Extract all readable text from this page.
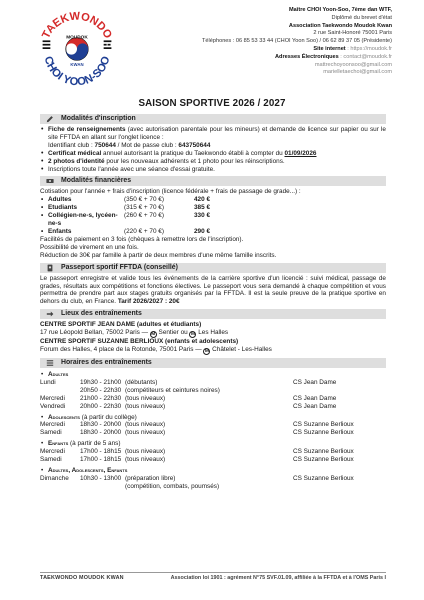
TAEKWONDO
CHOI YOON-SOO
MOUDOK
KWAN
Maître CHOI Yoon-Soo, 7ème dan WTF,
Diplômé du brevet d'état
Association Taekwondo Moudok Kwan
2 rue Saint-Honoré 75001 Paris
Téléphones : 06 85 53 33 44 (CHOI Yoon Soo) / 06 62 89 37 05 (Présidente)
Site internet : https://moudok.fr
Adresses Électroniques : contact@moudok.fr
mattrechoyoonsoo@gmail.com
marielletaechoi@gmail.com
SAISON SPORTIVE 2026 / 2027
Modalités d'inscription
• Fiche de renseignements (avec autorisation parentale pour les mineurs) et demande de licence sur papier ou sur le site FFTDA en allant sur l'onglet licence :
Identifiant club : 750644 / Mot de passe club : 643750644
• Certificat médical annuel autorisant la pratique du Taekwondo établi à compter du 01/09/2026
• 2 photos d'identité pour les nouveaux adhérents et 1 photo pour les réinscriptions.
• Inscriptions toute l'année avec une séance d'essai gratuite.
Modalités financières
Cotisation pour l'année + frais d'inscription (licence fédérale + frais de passage de grade...) :
• Adultes	(350 € + 70 €)	420 €
• Etudiants	(315 € + 70 €)	385 €
• Collégien-ne-s, lycéen-ne-s	(260 € + 70 €)	330 €
• Enfants	(220 € + 70 €)	290 €
Facilités de paiement en 3 fois (chèques à remettre lors de l'inscription).
Possibilité de virement en une fois.
Réduction de 30€ par famille à partir de deux membres d'une même famille inscrits.
Passeport sportif FFTDA (conseillé)
Le passeport enregistre et valide tous les événements de la carrière sportive d'un licencié : suivi médical, passage de grades, résultats aux compétitions et fonctions électives. Le passeport vous sera demandé à chaque compétition et vous permettra de prendre part aux stages gratuits organisés par la FFTDA. Il est la seule preuve de la pratique sportive en dehors du club, en France. Tarif 2026/2027 : 20€
Lieux des entraînements
CENTRE SPORTIF JEAN DAME (adultes et étudiants)
17 rue Léopold Bellan, 75002 Paris — M Sentier ou M Les Halles
CENTRE SPORTIF SUZANNE BERLIOUX (enfants et adolescents)
Forum des Halles, 4 place de la Rotonde, 75001 Paris — M Châtelet - Les-Halles
Horaires des entraînements
• Adultes
Lundi	19h30 - 21h00	(débutants)	CS Jean Dame
	20h50 - 22h30	(compétiteurs et ceintures noires)	
Mercredi	21h00 - 22h30	(tous niveaux)	CS Jean Dame
Vendredi	20h00 - 22h30	(tous niveaux)	CS Jean Dame
• Adolescents (à partir du collège)
Mercredi	18h30 - 20h00	(tous niveaux)	CS Suzanne Berlioux
Samedi	18h30 - 20h00	(tous niveaux)	CS Suzanne Berlioux
• Enfants (à partir de 5 ans)
Mercredi	17h00 - 18h15	(tous niveaux)	CS Suzanne Berlioux
Samedi	17h00 - 18h15	(tous niveaux)	CS Suzanne Berlioux
• Adultes, Adolescents, Enfants
Dimanche	10h30 - 13h00	(préparation libre)	CS Suzanne Berlioux
		(compétition, combats, poumsés)	
TAEKWONDO MOUDOK KWAN	Association loi 1901 : agrément N°75 SVF.01.09, affiliée à la FFTDA et à l'OMS Paris I
